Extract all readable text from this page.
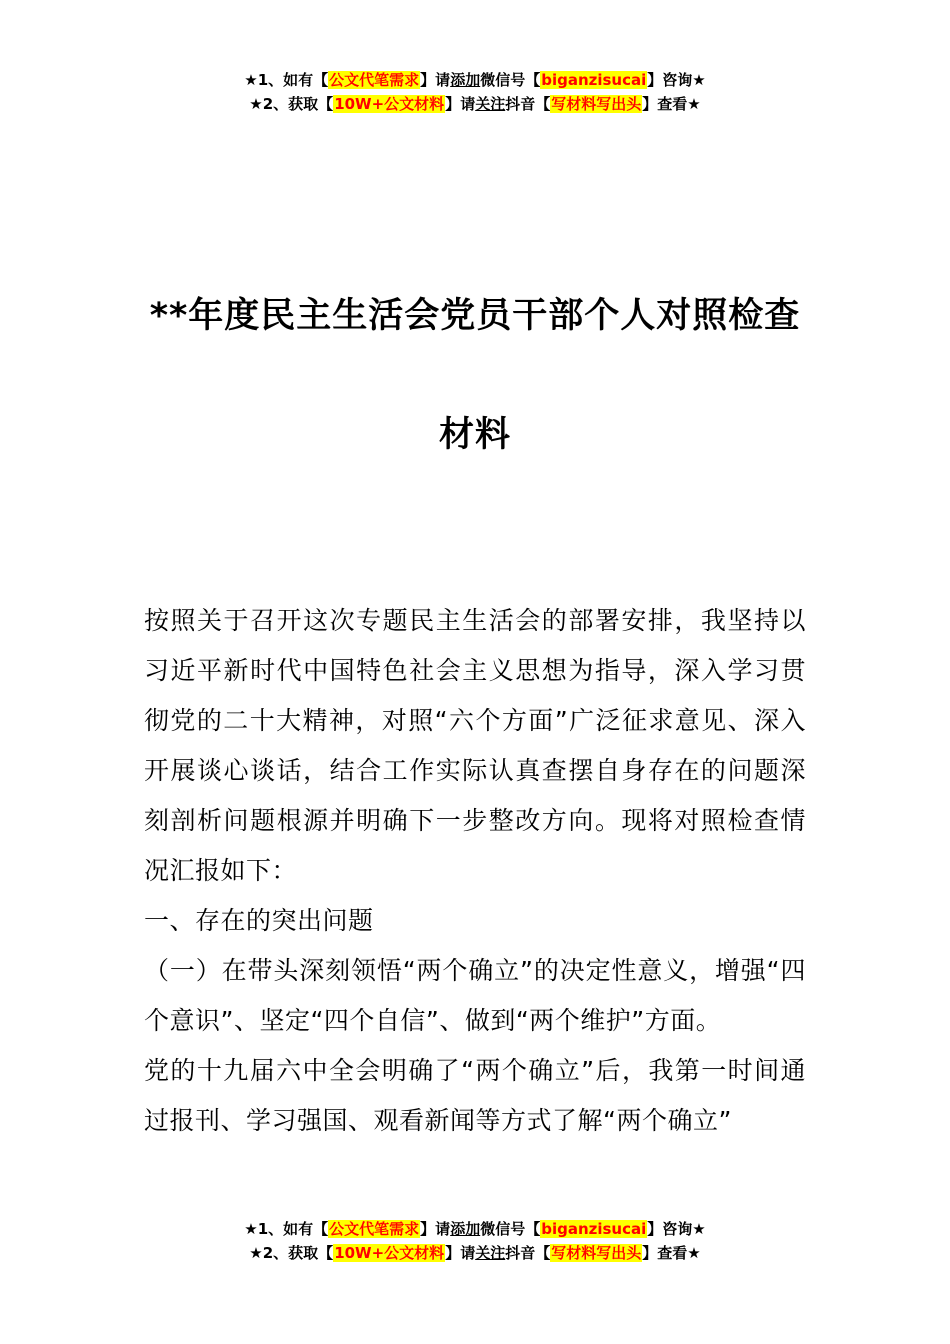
★1、如有【公文代笔需求】请添加微信号【biganzisucai】咨询★
★2、获取【10W+公文材料】请关注抖音【写材料写出头】查看★
**年度民主生活会党员干部个人对照检查
材料

按照关于召开这次专题民主生活会的部署安排，我坚持以习近平新时代中国特色社会主义思想为指导，深入学习贯彻党的二十大精神，对照“六个方面”广泛征求意见、深入开展谈心谈话，结合工作实际认真查摆自身存在的问题深刻剖析问题根源并明确下一步整改方向。现将对照检查情况汇报如下：

一、存在的突出问题

（一）在带头深刻领悟“两个确立”的决定性意义，增强“四个意识”、坚定“四个自信”、做到“两个维护”方面。

党的十九届六中全会明确了“两个确立”后，我第一时间通过报刊、学习强国、观看新闻等方式了解“两个确立”

★1、如有【公文代笔需求】请添加微信号【biganzisucai】咨询★
★2、获取【10W+公文材料】请关注抖音【写材料写出头】查看★
